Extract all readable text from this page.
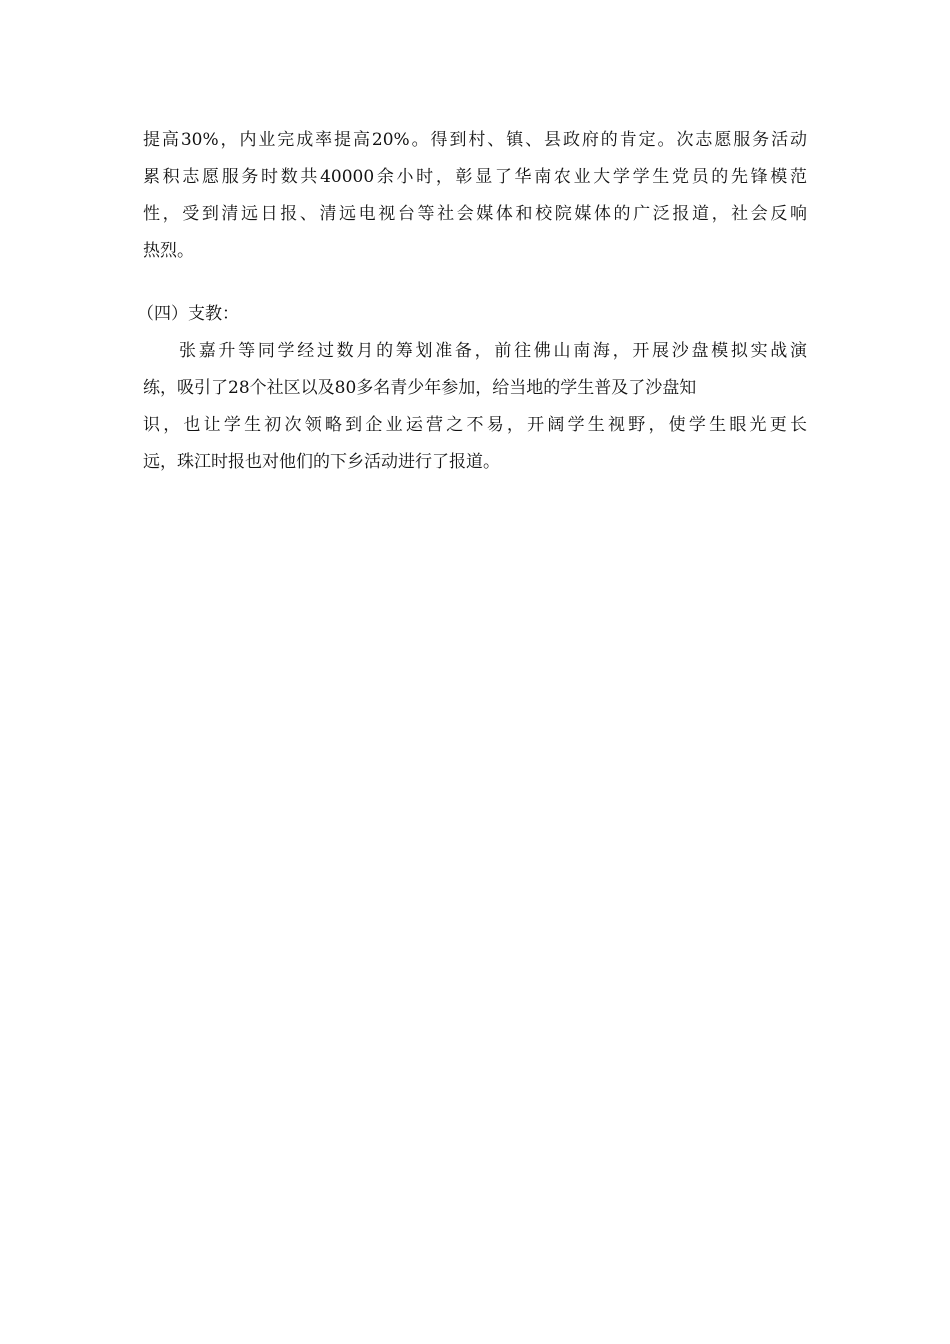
提高30%，内业完成率提高20%。得到村、镇、县政府的肯定。次志愿服务活动
累积志愿服务时数共40000余小时，彰显了华南农业大学学生党员的先锋模范
性，受到清远日报、清远电视台等社会媒体和校院媒体的广泛报道，社会反响
热烈。
（四）支教：
张嘉升等同学经过数月的筹划准备，前往佛山南海，开展沙盘模拟实战演
练，吸引了28个社区以及80多名青少年参加，给当地的学生普及了沙盘知
识，也让学生初次领略到企业运营之不易，开阔学生视野，使学生眼光更长
远，珠江时报也对他们的下乡活动进行了报道。
